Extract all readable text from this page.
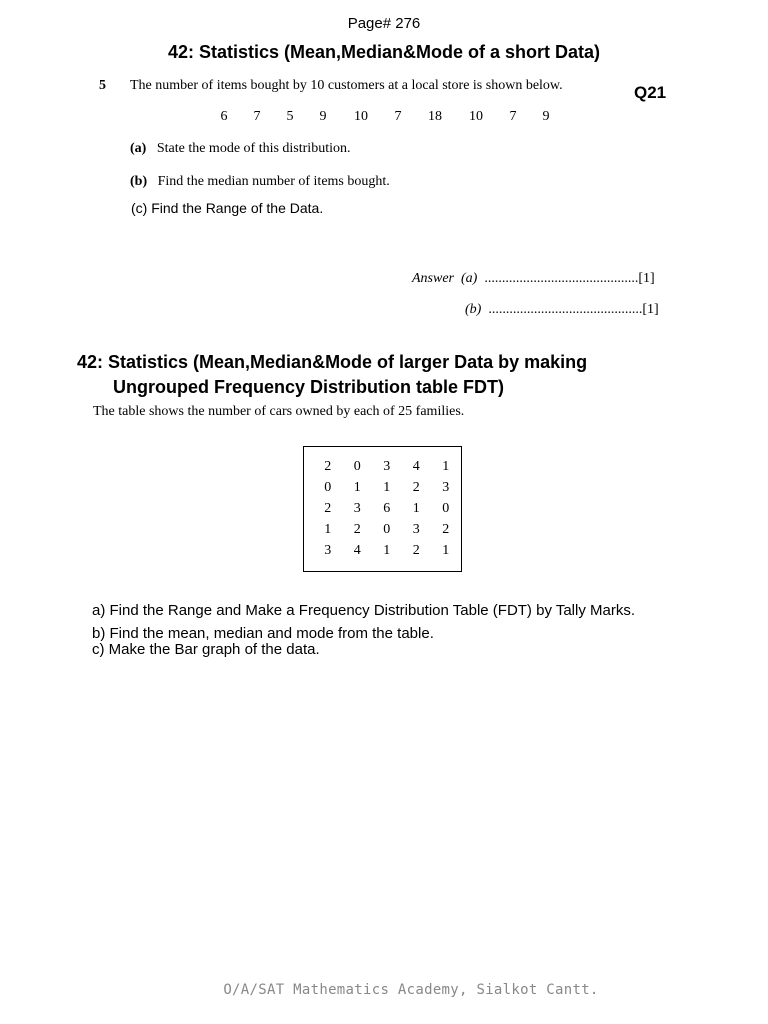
Page# 276
42: Statistics (Mean,Median&Mode of a short Data)
5 The number of items bought by 10 customers at a local store is shown below.	Q21
6	7	5	9	10	7	18	10	7	9
(a) State the mode of this distribution.
(b) Find the median number of items bought.
(c) Find the Range of the Data.
Answer (a) ............................................[1]
(b) ............................................[1]
42: Statistics (Mean,Median&Mode of larger Data by making
Ungrouped Frequency Distribution table FDT)
The table shows the number of cars owned by each of 25 families.
2	0	3	4	1
0	1	1	2	3
2	3	6	1	0
1	2	0	3	2
3	4	1	2	1
a) Find the Range and Make a Frequency Distribution Table (FDT) by Tally Marks.
b) Find the mean, median and mode from the table.
c) Make the Bar graph of the data.
O/A/SAT Mathematics Academy, Sialkot Cantt.
